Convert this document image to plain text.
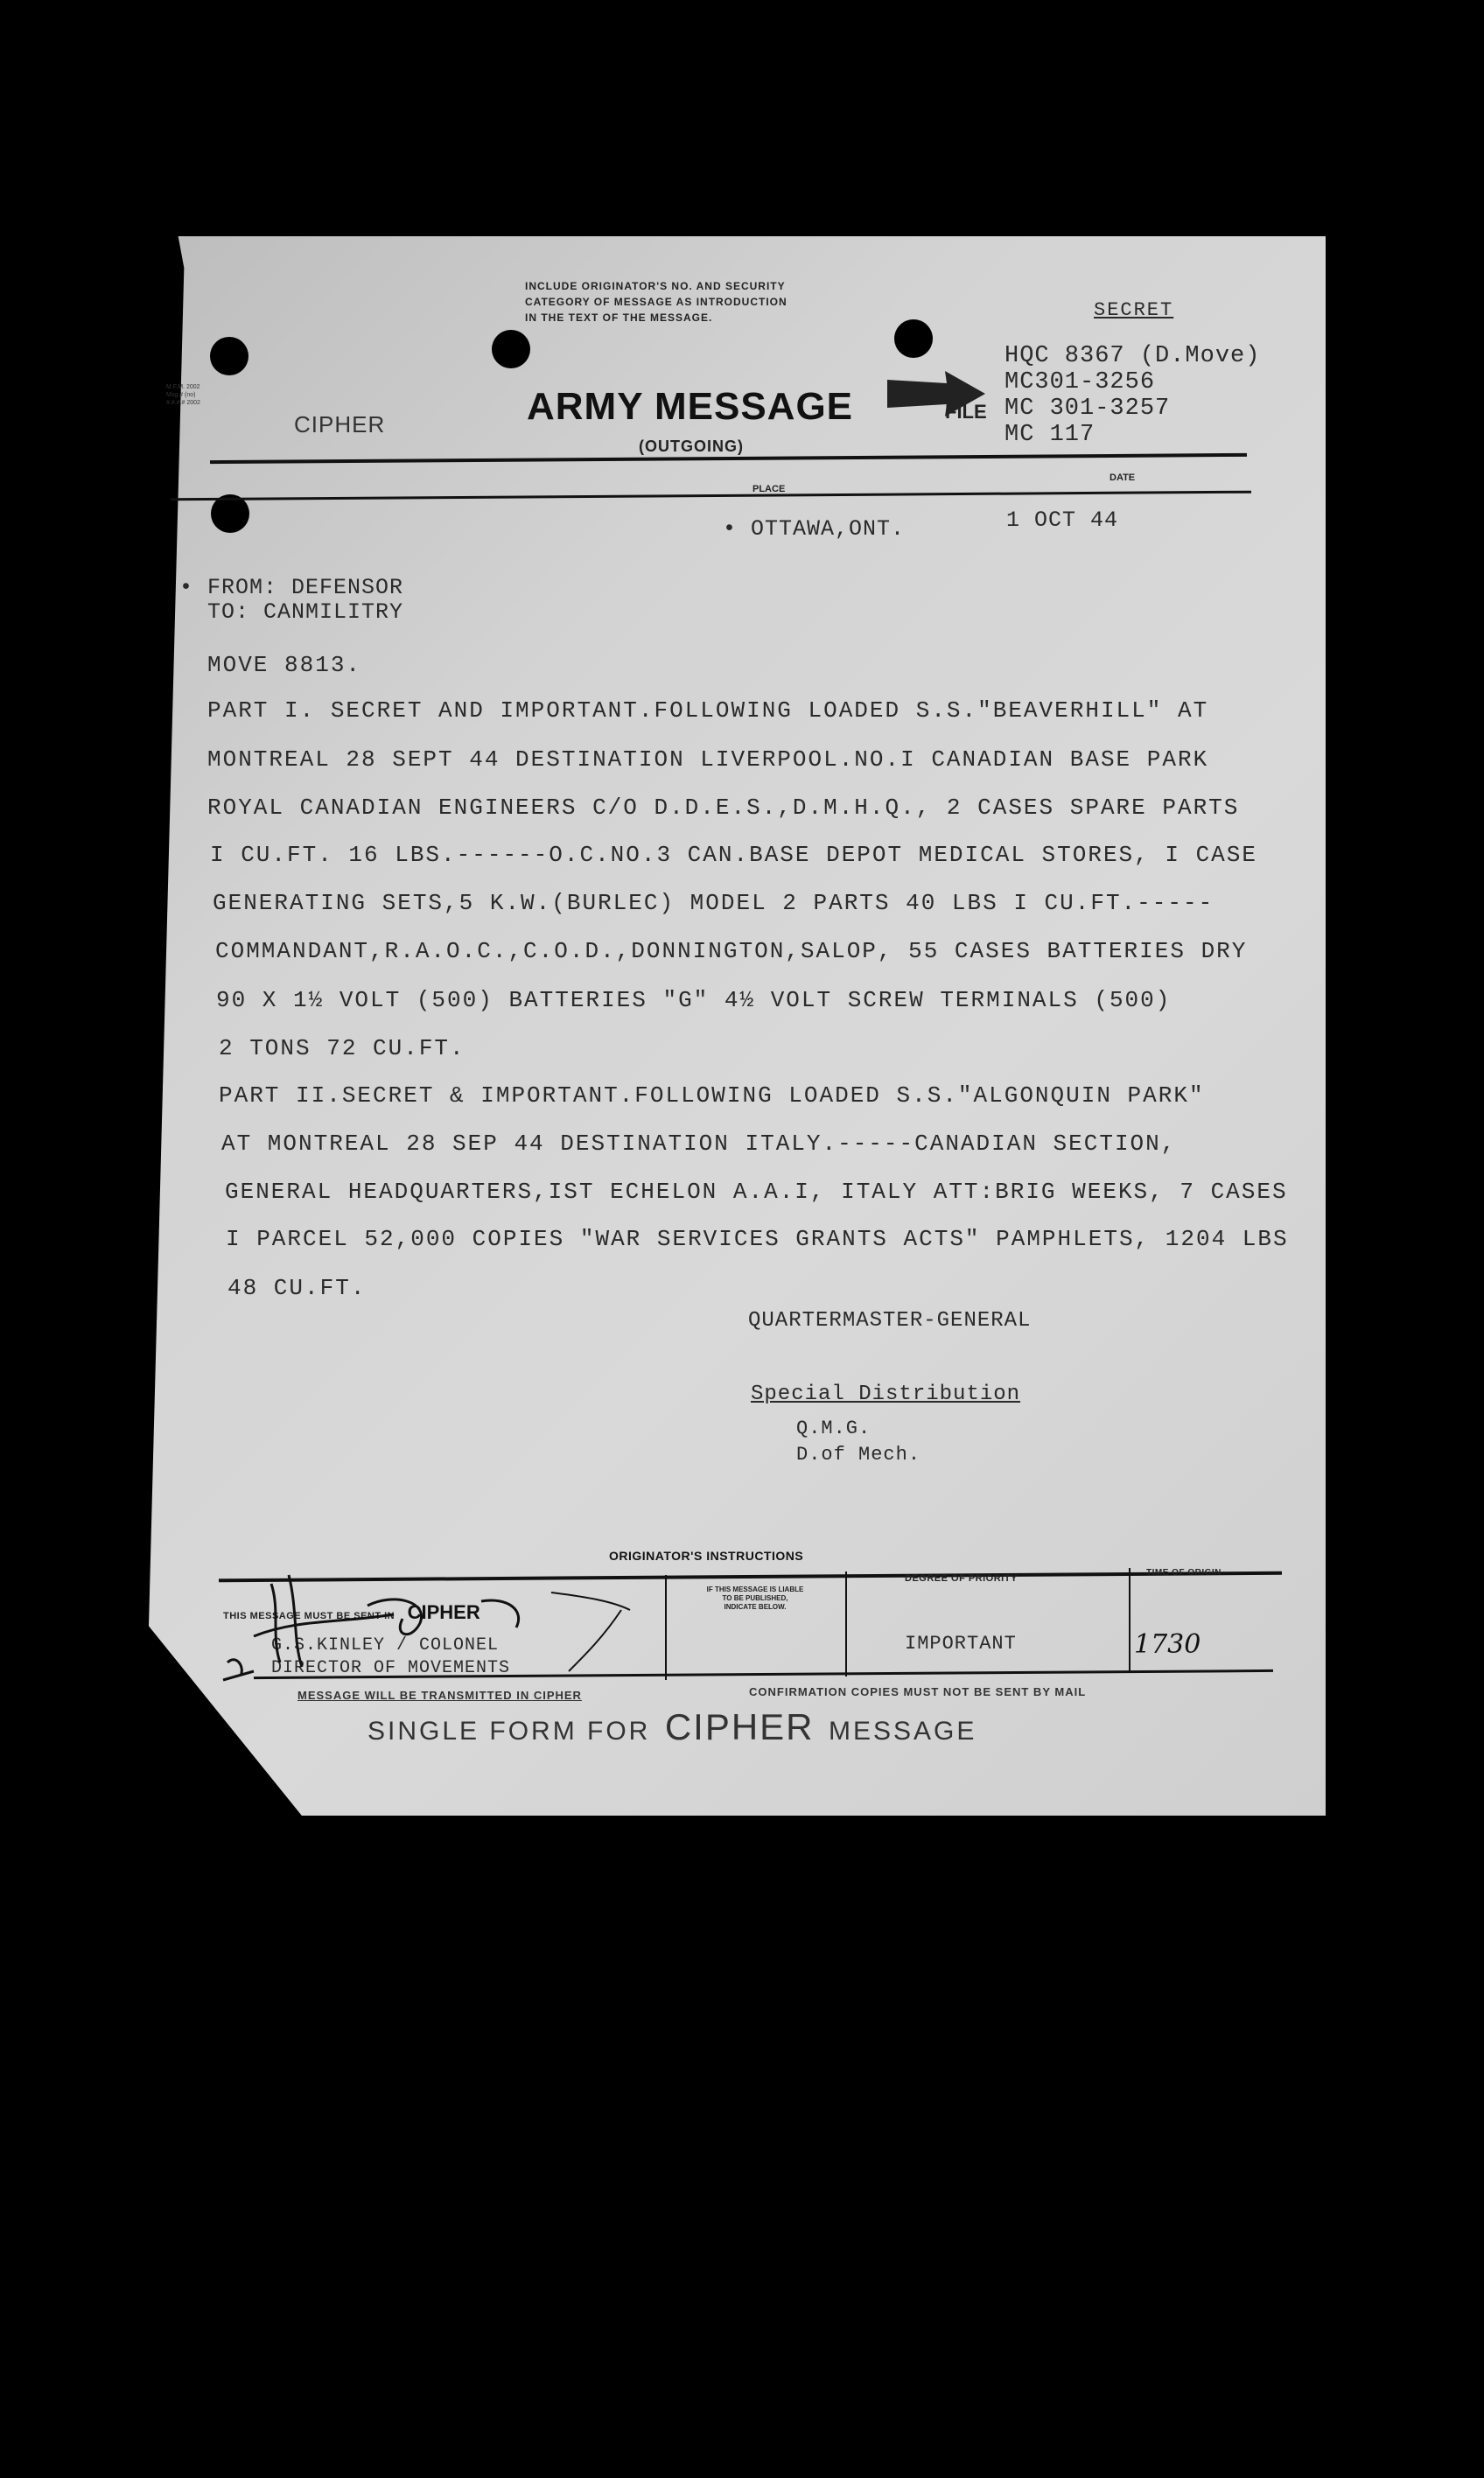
INCLUDE ORIGINATOR'S NO. AND SECURITY
CATEGORY OF MESSAGE AS INTRODUCTION
IN THE TEXT OF THE MESSAGE.
M.F.M. 2002
Msg.# (no)
#.#.#.# 2002
SECRET
CIPHER	ARMY MESSAGE
(OUTGOING)
FILE
HQC 8367 (D.Move)
MC301-3256
MC 301-3257
MC 117
PLACE
DATE
• OTTAWA,ONT.	1 OCT 44
• FROM: DEFENSOR
TO: CANMILITRY
MOVE 8813.
PART I. SECRET AND IMPORTANT.FOLLOWING LOADED S.S."BEAVERHILL" AT
MONTREAL 28 SEPT 44 DESTINATION LIVERPOOL.NO.I CANADIAN BASE PARK
ROYAL CANADIAN ENGINEERS C/O D.D.E.S.,D.M.H.Q., 2 CASES SPARE PARTS
I CU.FT. 16 LBS.------O.C.NO.3 CAN.BASE DEPOT MEDICAL STORES, I CASE
GENERATING SETS,5 K.W.(BURLEC) MODEL 2 PARTS 40 LBS I CU.FT.-----
COMMANDANT,R.A.O.C.,C.O.D.,DONNINGTON,SALOP, 55 CASES BATTERIES DRY
90 X 1½ VOLT (500) BATTERIES "G" 4½ VOLT SCREW TERMINALS (500)
2 TONS 72 CU.FT.
PART II.SECRET & IMPORTANT.FOLLOWING LOADED S.S."ALGONQUIN PARK"
AT MONTREAL 28 SEP 44 DESTINATION ITALY.-----CANADIAN SECTION,
GENERAL HEADQUARTERS,IST ECHELON A.A.I, ITALY ATT:BRIG WEEKS, 7 CASES
I PARCEL 52,000 COPIES "WAR SERVICES GRANTS ACTS" PAMPHLETS, 1204 LBS
48 CU.FT.
QUARTERMASTER-GENERAL
Special Distribution
Q.M.G.
D.of Mech.
ORIGINATOR'S INSTRUCTIONS
THIS MESSAGE MUST BE SENT IN CIPHER
G.S.KINLEY / COLONEL
DIRECTOR OF MOVEMENTS
IF THIS MESSAGE IS LIABLE
TO BE PUBLISHED,
INDICATE BELOW.
DEGREE OF PRIORITY
IMPORTANT
TIME OF ORIGIN
1730
MESSAGE WILL BE TRANSMITTED IN CIPHER	CONFIRMATION COPIES MUST NOT BE SENT BY MAIL
SINGLE FORM FOR CIPHER MESSAGE
